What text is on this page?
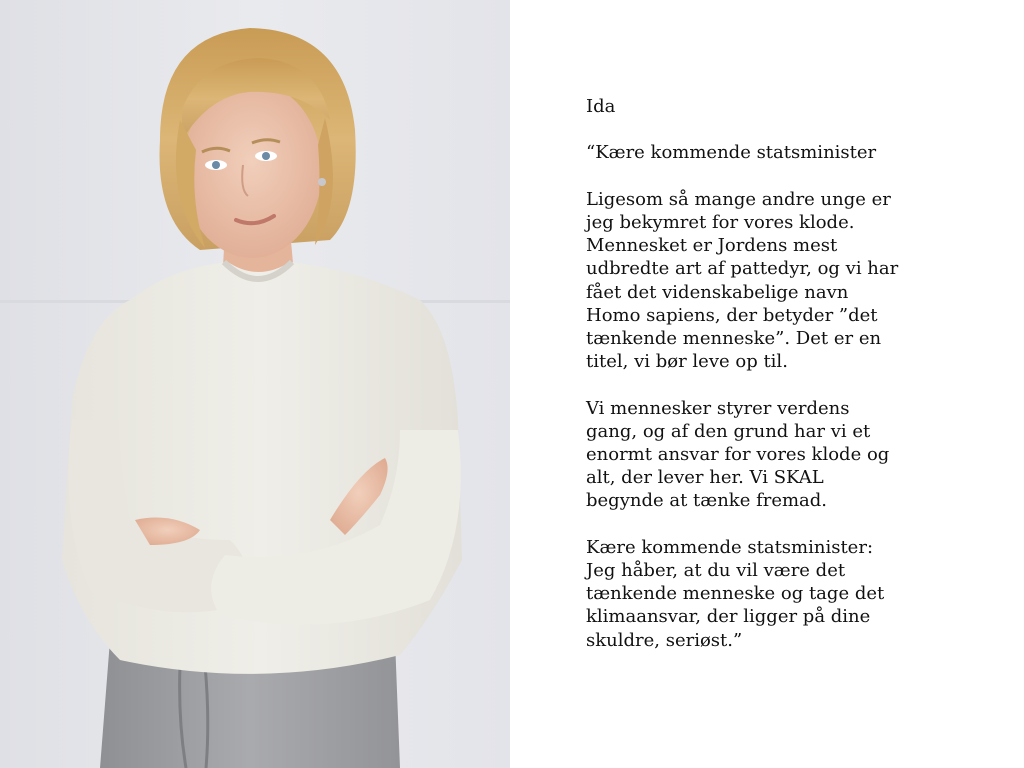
Ida

“Kære kommende statsminister

Ligesom så mange andre unge er
jeg bekymret for vores klode.
Mennesket er Jordens mest
udbredte art af pattedyr, og vi har
fået det videnskabelige navn
Homo sapiens, der betyder ”det
tænkende menneske”. Det er en
titel, vi bør leve op til.

Vi mennesker styrer verdens
gang, og af den grund har vi et
enormt ansvar for vores klode og
alt, der lever her. Vi SKAL
begynde at tænke fremad.

Kære kommende statsminister:
Jeg håber, at du vil være det
tænkende menneske og tage det
klimaansvar, der ligger på dine
skuldre, seriøst.”
